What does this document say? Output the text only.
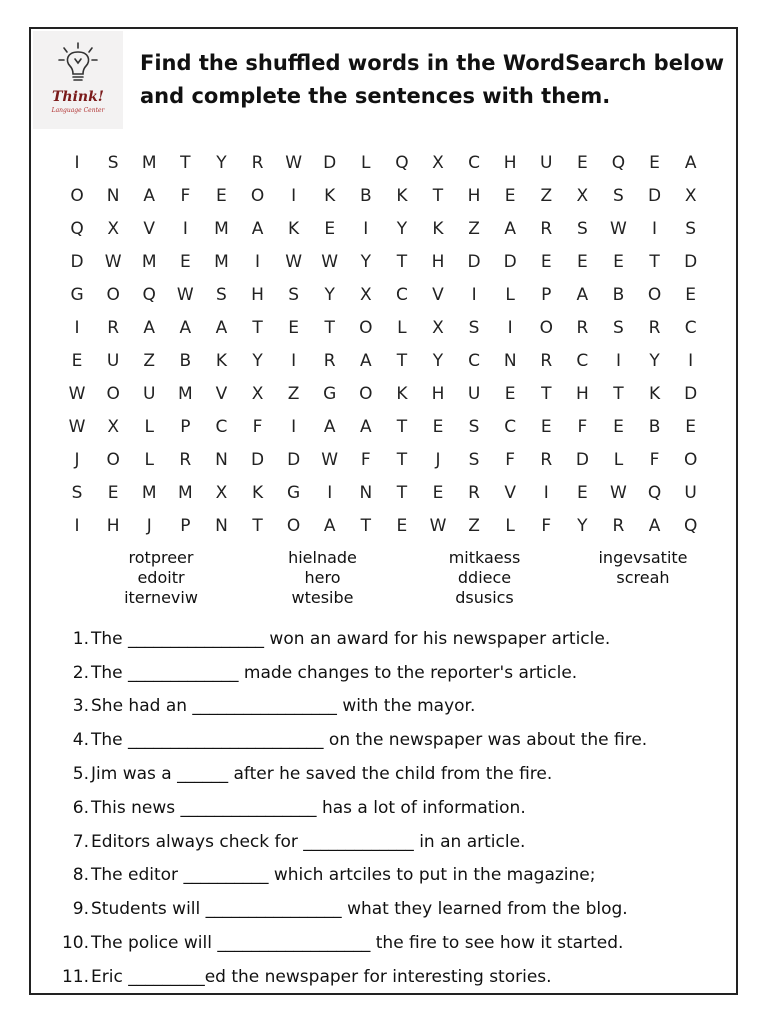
Think!
Language Center
Find the shuffled words in the WordSearch below and complete the sentences with them.
I	S	M	T	Y	R	W	D	L	Q	X	C	H	U	E	Q	E	A
O	N	A	F	E	O	I	K	B	K	T	H	E	Z	X	S	D	X
Q	X	V	I	M	A	K	E	I	Y	K	Z	A	R	S	W	I	S
D	W	M	E	M	I	W	W	Y	T	H	D	D	E	E	E	T	D
G	O	Q	W	S	H	S	Y	X	C	V	I	L	P	A	B	O	E
I	R	A	A	A	T	E	T	O	L	X	S	I	O	R	S	R	C
E	U	Z	B	K	Y	I	R	A	T	Y	C	N	R	C	I	Y	I
W	O	U	M	V	X	Z	G	O	K	H	U	E	T	H	T	K	D
W	X	L	P	C	F	I	A	A	T	E	S	C	E	F	E	B	E
J	O	L	R	N	D	D	W	F	T	J	S	F	R	D	L	F	O
S	E	M	M	X	K	G	I	N	T	E	R	V	I	E	W	Q	U
I	H	J	P	N	T	O	A	T	E	W	Z	L	F	Y	R	A	Q
rotpreer	hielnade	mitkaess	ingevsatite
edoitr	hero	ddiece	screah
iterneviw	wtesibe	dsusics
1. The ________________ won an award for his newspaper article.
2. The _____________ made changes to the reporter's article.
3. She had an _________________ with the mayor.
4. The _______________________ on the newspaper was about the fire.
5. Jim was a ______ after he saved the child from the fire.
6. This news ________________ has a lot of information.
7. Editors always check for _____________ in an article.
8. The editor __________ which artciles to put in the magazine;
9. Students will ________________ what they learned from the blog.
10. The police will __________________ the fire to see how it started.
11. Eric _________ed the newspaper for interesting stories.
